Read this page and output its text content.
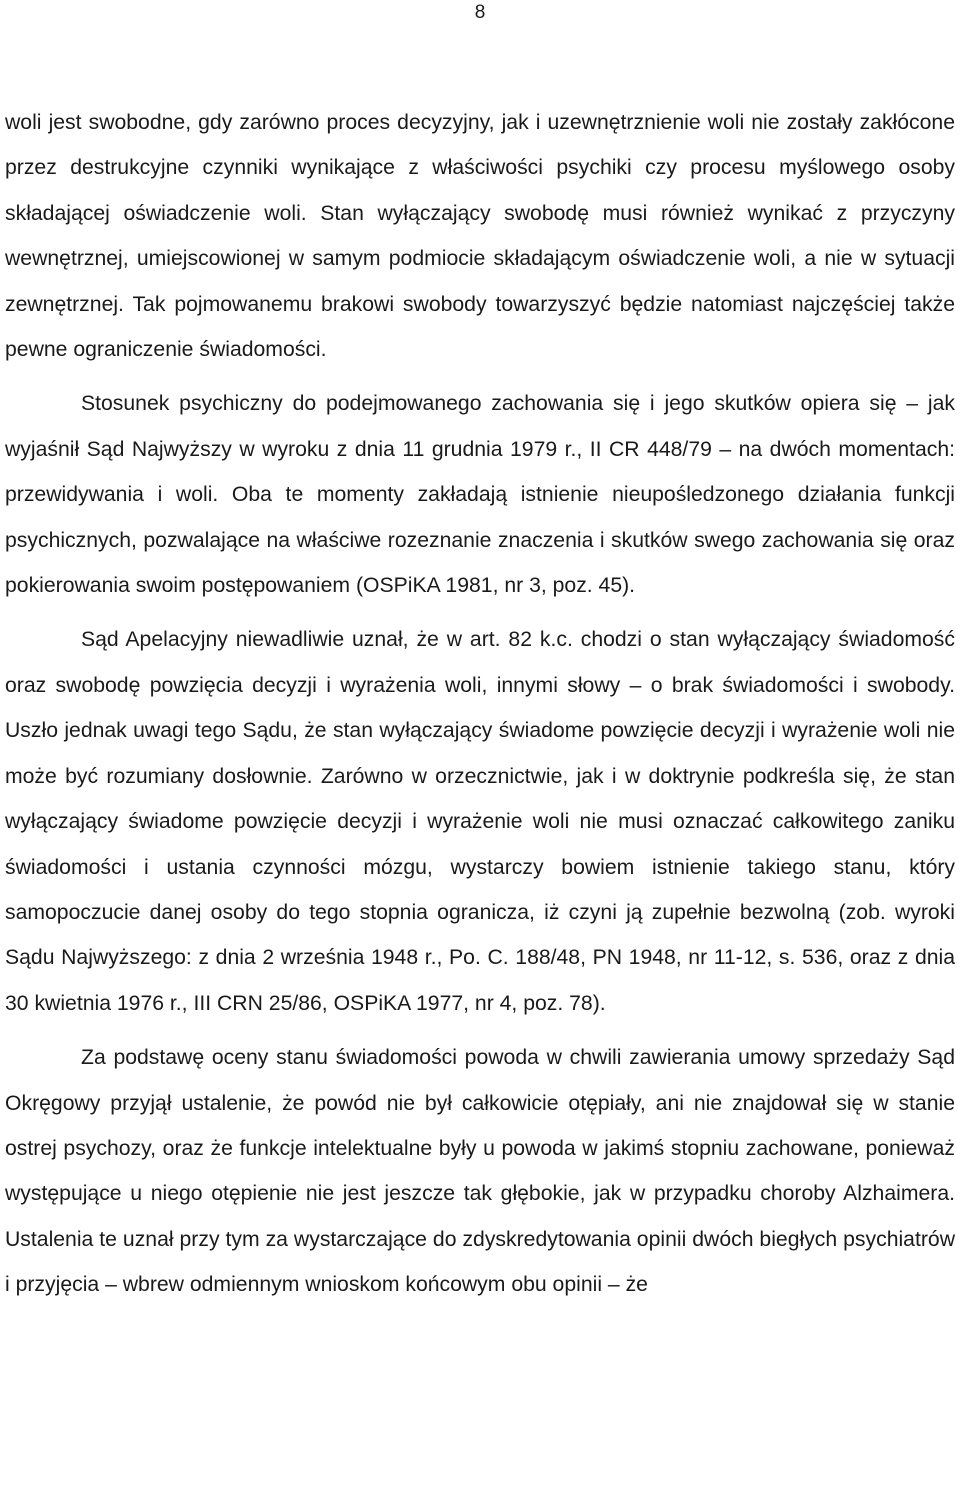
8

woli jest swobodne, gdy zarówno proces decyzyjny, jak i uzewnętrznienie woli nie zostały zakłócone przez destrukcyjne czynniki wynikające z właściwości psychiki czy procesu myślowego osoby składającej oświadczenie woli. Stan wyłączający swobodę musi również wynikać z przyczyny wewnętrznej, umiejscowionej w samym podmiocie składającym oświadczenie woli, a nie w sytuacji zewnętrznej. Tak pojmowanemu brakowi swobody towarzyszyć będzie natomiast najczęściej także pewne ograniczenie świadomości.

Stosunek psychiczny do podejmowanego zachowania się i jego skutków opiera się – jak wyjaśnił Sąd Najwyższy w wyroku z dnia 11 grudnia 1979 r., II CR 448/79 – na dwóch momentach: przewidywania i woli. Oba te momenty zakładają istnienie nieupośledzonego działania funkcji psychicznych, pozwalające na właściwe rozeznanie znaczenia i skutków swego zachowania się oraz pokierowania swoim postępowaniem (OSPiKA 1981, nr 3, poz. 45).

Sąd Apelacyjny niewadliwie uznał, że w art. 82 k.c. chodzi o stan wyłączający świadomość oraz swobodę powzięcia decyzji i wyrażenia woli, innymi słowy – o brak świadomości i swobody. Uszło jednak uwagi tego Sądu, że stan wyłączający świadome powzięcie decyzji i wyrażenie woli nie może być rozumiany dosłownie. Zarówno w orzecznictwie, jak i w doktrynie podkreśla się, że stan wyłączający świadome powzięcie decyzji i wyrażenie woli nie musi oznaczać całkowitego zaniku świadomości i ustania czynności mózgu, wystarczy bowiem istnienie takiego stanu, który samopoczucie danej osoby do tego stopnia ogranicza, iż czyni ją zupełnie bezwolną (zob. wyroki Sądu Najwyższego: z dnia 2 września 1948 r., Po. C. 188/48, PN 1948, nr 11-12, s. 536, oraz z dnia 30 kwietnia 1976 r., III CRN 25/86, OSPiKA 1977, nr 4, poz. 78).

Za podstawę oceny stanu świadomości powoda w chwili zawierania umowy sprzedaży Sąd Okręgowy przyjął ustalenie, że powód nie był całkowicie otępiały, ani nie znajdował się w stanie ostrej psychozy, oraz że funkcje intelektualne były u powoda w jakimś stopniu zachowane, ponieważ występujące u niego otępienie nie jest jeszcze tak głębokie, jak w przypadku choroby Alzhaimera. Ustalenia te uznał przy tym za wystarczające do zdyskredytowania opinii dwóch biegłych psychiatrów i przyjęcia – wbrew odmiennym wnioskom końcowym obu opinii – że
